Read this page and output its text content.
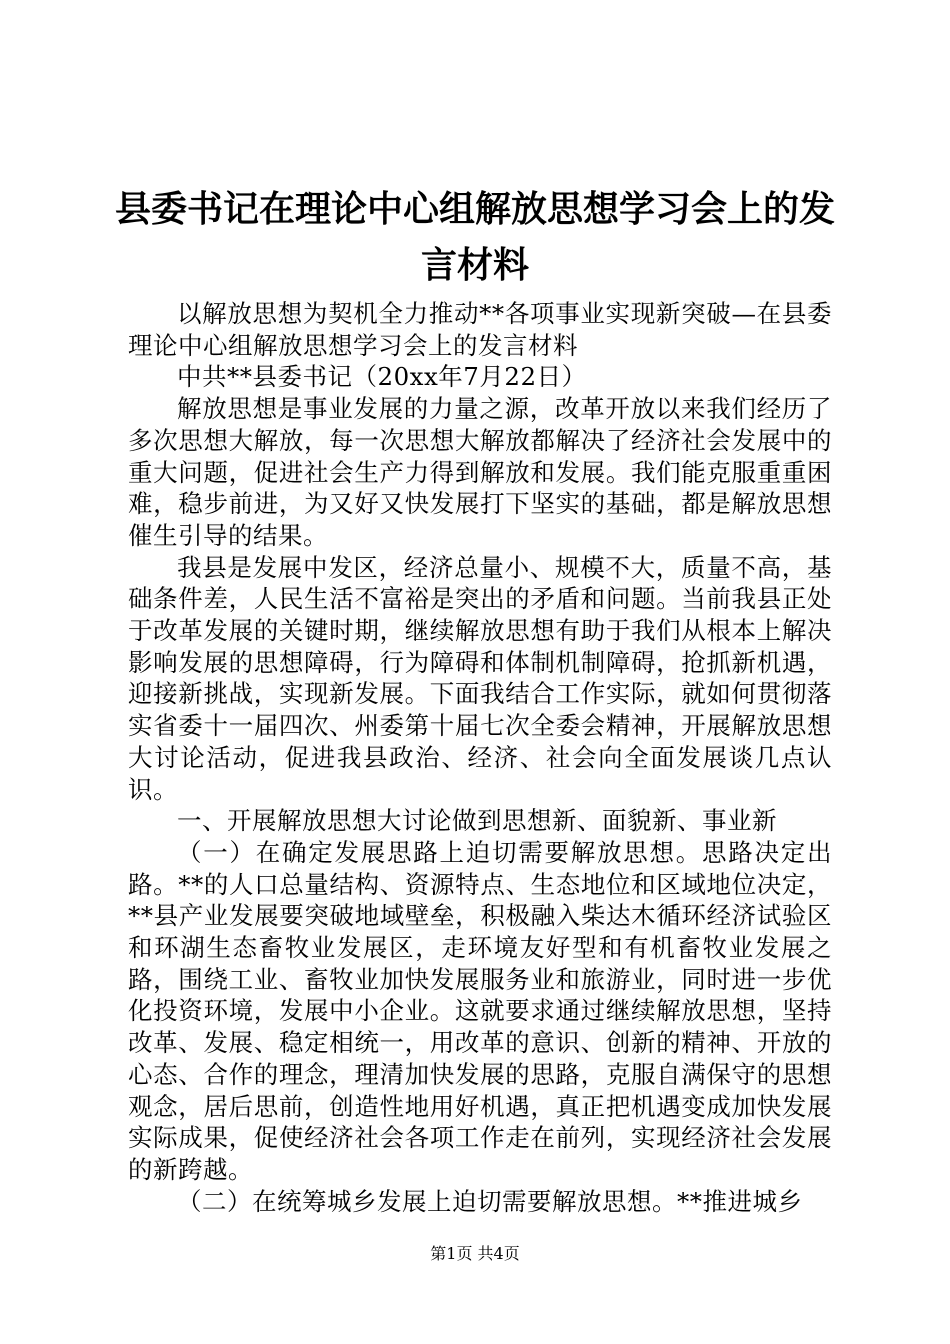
县委书记在理论中心组解放思想学习会上的发言材料

以解放思想为契机全力推动**各项事业实现新突破—在县委理论中心组解放思想学习会上的发言材料

中共**县委书记（20xx年7月22日）

解放思想是事业发展的力量之源，改革开放以来我们经历了多次思想大解放，每一次思想大解放都解决了经济社会发展中的重大问题，促进社会生产力得到解放和发展。我们能克服重重困难，稳步前进，为又好又快发展打下坚实的基础，都是解放思想催生引导的结果。

我县是发展中发区，经济总量小、规模不大，质量不高，基础条件差，人民生活不富裕是突出的矛盾和问题。当前我县正处于改革发展的关键时期，继续解放思想有助于我们从根本上解决影响发展的思想障碍，行为障碍和体制机制障碍，抢抓新机遇，迎接新挑战，实现新发展。下面我结合工作实际，就如何贯彻落实省委十一届四次、州委第十届七次全委会精神，开展解放思想大讨论活动，促进我县政治、经济、社会向全面发展谈几点认识。

一、开展解放思想大讨论做到思想新、面貌新、事业新

（一）在确定发展思路上迫切需要解放思想。思路决定出路。**的人口总量结构、资源特点、生态地位和区域地位决定，**县产业发展要突破地域壁垒，积极融入柴达木循环经济试验区和环湖生态畜牧业发展区，走环境友好型和有机畜牧业发展之路，围绕工业、畜牧业加快发展服务业和旅游业，同时进一步优化投资环境，发展中小企业。这就要求通过继续解放思想，坚持改革、发展、稳定相统一，用改革的意识、创新的精神、开放的心态、合作的理念，理清加快发展的思路，克服自满保守的思想观念，居后思前，创造性地用好机遇，真正把机遇变成加快发展实际成果，促使经济社会各项工作走在前列，实现经济社会发展的新跨越。

（二）在统筹城乡发展上迫切需要解放思想。**推进城乡

第1页 共4页
